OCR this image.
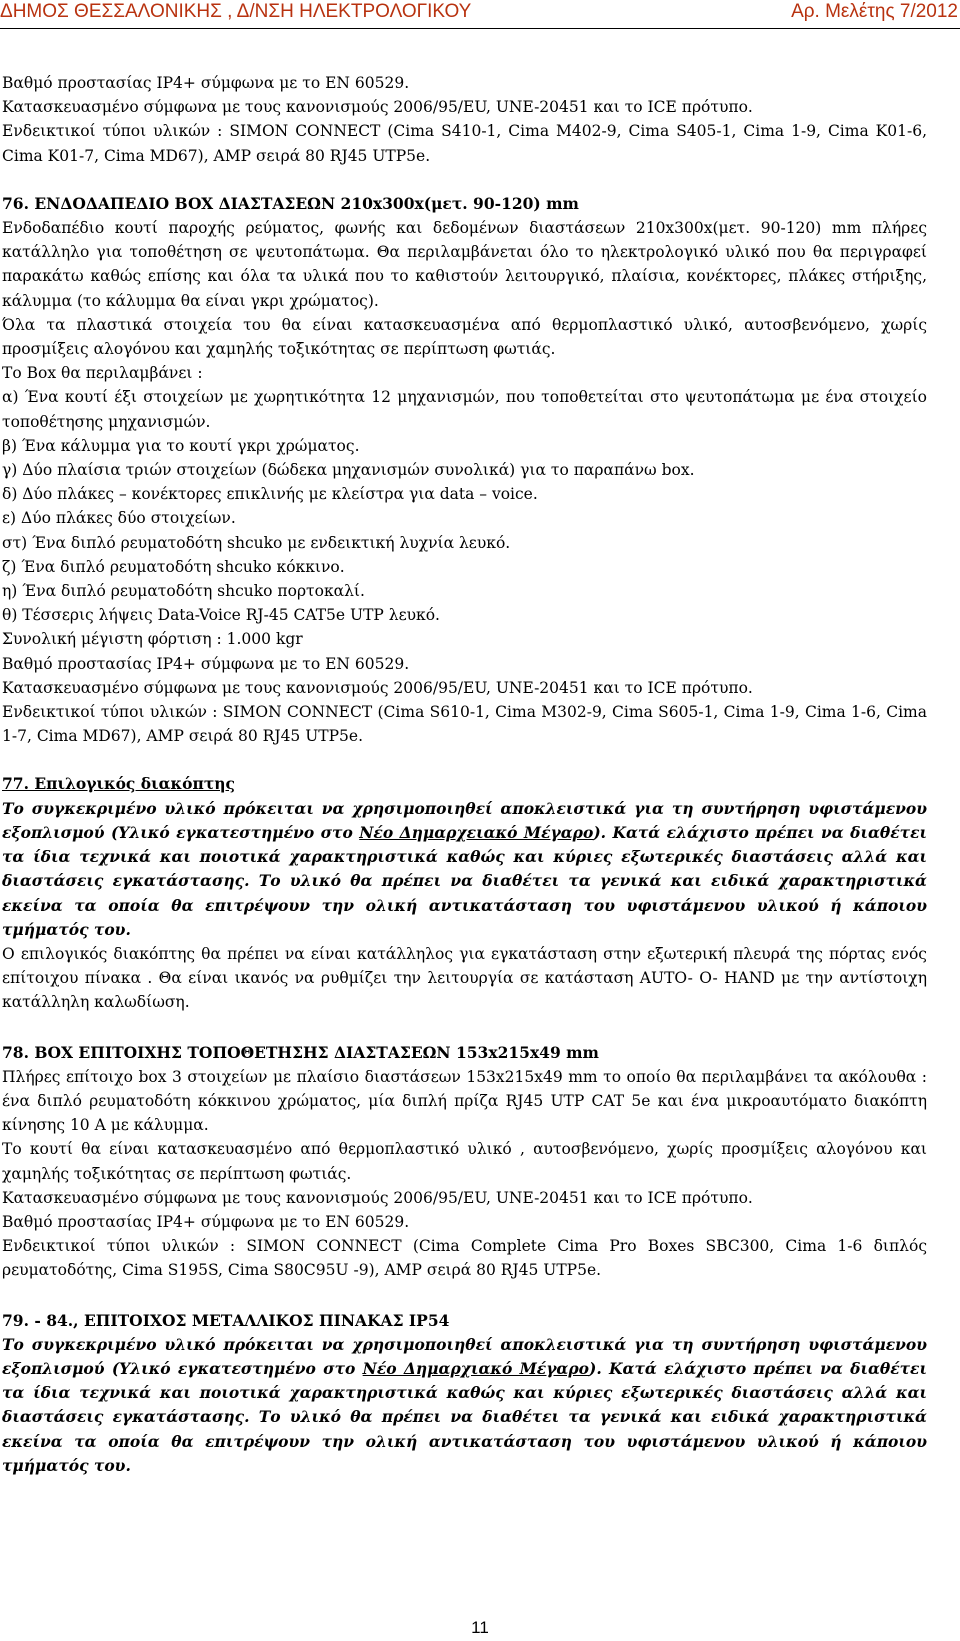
ΔΗΜΟΣ ΘΕΣΣΑΛΟΝΙΚΗΣ , Δ/ΝΣΗ ΗΛΕΚΤΡΟΛΟΓΙΚΟΥ	Αρ. Μελέτης 7/2012

Βαθμό προστασίας IP4+ σύμφωνα με το ΕΝ 60529.

Κατασκευασμένο σύμφωνα με τους κανονισμούς 2006/95/EU, UNE-20451 και το ICE πρότυπο.

Ενδεικτικοί τύποι υλικών : SIMON CONNECT (Cima S410-1, Cima M402-9, Cima S405-1, Cima 1-9, Cima K01-6, Cima K01-7, Cima MD67), AMP σειρά 80 RJ45 UTP5e.

76. ΕΝΔΟΔΑΠΕΔΙΟ BOX ΔΙΑΣΤΑΣΕΩΝ 210x300x(μετ. 90-120) mm

Ενδοδαπέδιο κουτί παροχής ρεύματος, φωνής και δεδομένων διαστάσεων 210x300x(μετ. 90-120) mm πλήρες κατάλληλο για τοποθέτηση σε ψευτοπάτωμα. Θα περιλαμβάνεται όλο το ηλεκτρολογικό υλικό που θα περιγραφεί παρακάτω καθώς επίσης και όλα τα υλικά που το καθιστούν λειτουργικό, πλαίσια, κονέκτορες, πλάκες στήριξης, κάλυμμα (το κάλυμμα θα είναι γκρι χρώματος).

Όλα τα πλαστικά στοιχεία του θα είναι κατασκευασμένα από θερμοπλαστικό υλικό, αυτοσβενόμενο, χωρίς προσμίξεις αλογόνου και χαμηλής τοξικότητας σε περίπτωση φωτιάς.

Το Box θα περιλαμβάνει :

α) Ένα κουτί έξι στοιχείων με χωρητικότητα 12 μηχανισμών, που τοποθετείται στο ψευτοπάτωμα με ένα στοιχείο τοποθέτησης μηχανισμών.

β) Ένα κάλυμμα για το κουτί γκρι χρώματος.

γ) Δύο πλαίσια τριών στοιχείων (δώδεκα μηχανισμών συνολικά) για το παραπάνω box.

δ) Δύο πλάκες – κονέκτορες επικλινής με κλείστρα για data – voice.

ε) Δύο πλάκες δύο στοιχείων.

στ) Ένα διπλό ρευματοδότη shcuko με ενδεικτική λυχνία λευκό.

ζ) Ένα διπλό ρευματοδότη shcuko κόκκινο.

η) Ένα διπλό ρευματοδότη shcuko πορτοκαλί.

θ) Τέσσερις λήψεις Data-Voice RJ-45 CAT5e UTP λευκό.

Συνολική μέγιστη φόρτιση : 1.000 kgr

Βαθμό προστασίας IP4+ σύμφωνα με το ΕΝ 60529.

Κατασκευασμένο σύμφωνα με τους κανονισμούς 2006/95/EU, UNE-20451 και το ICE πρότυπο.

Ενδεικτικοί τύποι υλικών : SIMON CONNECT (Cima S610-1, Cima M302-9, Cima S605-1, Cima 1-9, Cima 1-6, Cima 1-7, Cima MD67), AMP σειρά 80 RJ45 UTP5e.

77. Επιλογικός διακόπτης

Το συγκεκριμένο υλικό πρόκειται να χρησιμοποιηθεί αποκλειστικά για τη συντήρηση υφιστάμενου εξοπλισμού (Υλικό εγκατεστημένο στο Νέο Δημαρχειακό Μέγαρο). Κατά ελάχιστο πρέπει να διαθέτει τα ίδια τεχνικά και ποιοτικά χαρακτηριστικά καθώς και κύριες εξωτερικές διαστάσεις αλλά και διαστάσεις εγκατάστασης. Το υλικό θα πρέπει να διαθέτει τα γενικά και ειδικά χαρακτηριστικά εκείνα τα οποία θα επιτρέψουν την ολική αντικατάσταση του υφιστάμενου υλικού ή κάποιου τμήματός του.

Ο επιλογικός διακόπτης θα πρέπει να είναι κατάλληλος για εγκατάσταση στην εξωτερική πλευρά της πόρτας ενός επίτοιχου πίνακα . Θα είναι ικανός να ρυθμίζει την λειτουργία σε κατάσταση AUTO- O- HAND με την αντίστοιχη κατάλληλη καλωδίωση.

78. ΒΟΧ ΕΠΙΤΟΙΧΗΣ ΤΟΠΟΘΕΤΗΣΗΣ ΔΙΑΣΤΑΣΕΩΝ 153x215x49 mm

Πλήρες επίτοιχο box 3 στοιχείων με πλαίσιο διαστάσεων 153x215x49 mm το οποίο θα περιλαμβάνει τα ακόλουθα : ένα διπλό ρευματοδότη κόκκινου χρώματος, μία διπλή πρίζα RJ45 UTP CAT 5e και ένα μικροαυτόματο διακόπτη κίνησης 10 Α με κάλυμμα.

Το κουτί θα είναι κατασκευασμένο από θερμοπλαστικό υλικό , αυτοσβενόμενο, χωρίς προσμίξεις αλογόνου και χαμηλής τοξικότητας σε περίπτωση φωτιάς.

Κατασκευασμένο σύμφωνα με τους κανονισμούς 2006/95/EU, UNE-20451 και το ICE πρότυπο.

Βαθμό προστασίας IP4+ σύμφωνα με το ΕΝ 60529.

Ενδεικτικοί τύποι υλικών : SIMON CONNECT (Cima Complete Cima Pro Boxes SBC300, Cima 1-6 διπλός ρευματοδότης, Cima S195S, Cima S80C95U -9), AMP σειρά 80 RJ45 UTP5e.

79. - 84., ΕΠΙΤΟΙΧΟΣ ΜΕΤΑΛΛΙΚΟΣ ΠΙΝΑΚΑΣ IP54

Το συγκεκριμένο υλικό πρόκειται να χρησιμοποιηθεί αποκλειστικά για τη συντήρηση υφιστάμενου εξοπλισμού (Υλικό εγκατεστημένο στο Νέο Δημαρχιακό Μέγαρο). Κατά ελάχιστο πρέπει να διαθέτει τα ίδια τεχνικά και ποιοτικά χαρακτηριστικά καθώς και κύριες εξωτερικές διαστάσεις αλλά και διαστάσεις εγκατάστασης. Το υλικό θα πρέπει να διαθέτει τα γενικά και ειδικά χαρακτηριστικά εκείνα τα οποία θα επιτρέψουν την ολική αντικατάσταση του υφιστάμενου υλικού ή κάποιου τμήματός του.

11
